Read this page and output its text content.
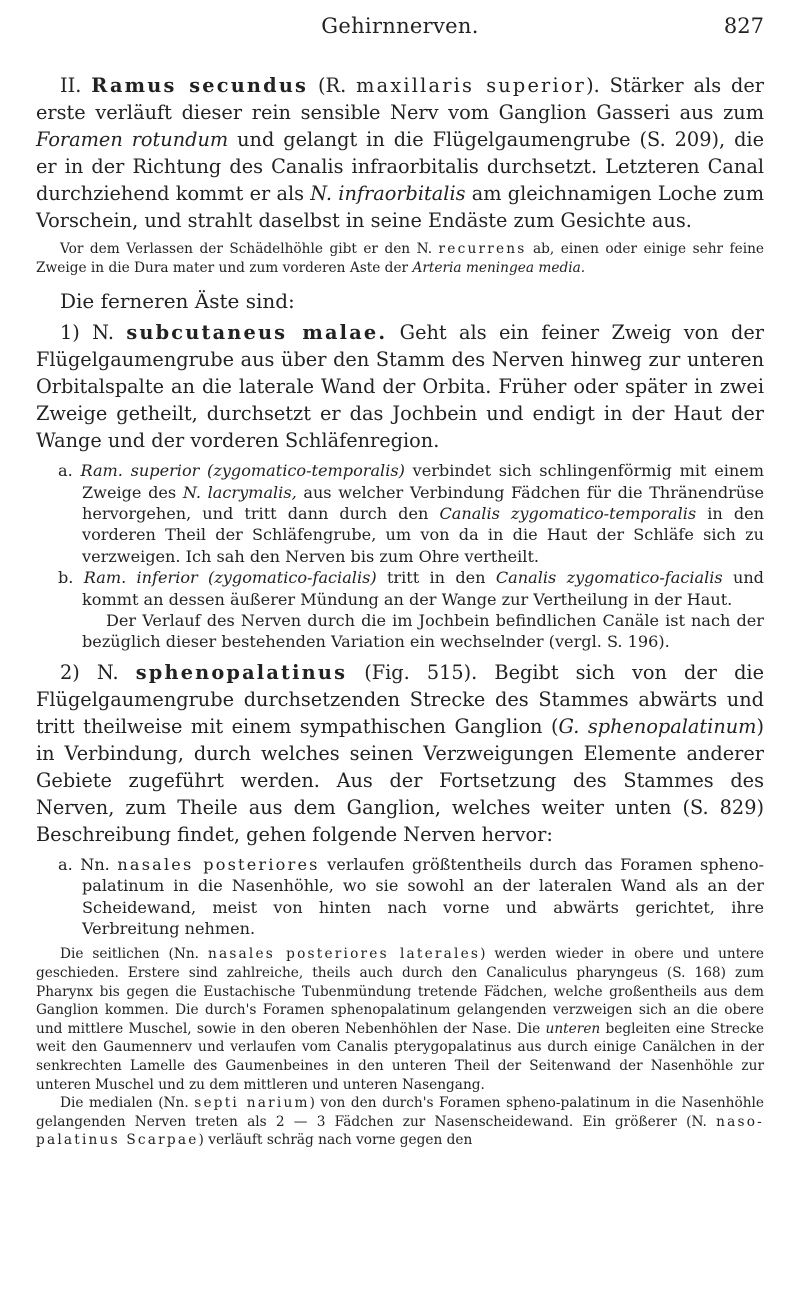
Gehirnnerven.	827

II. Ramus secundus (R. maxillaris superior). Stärker als der erste verläuft dieser rein sensible Nerv vom Ganglion Gasseri aus zum Foramen rotundum und gelangt in die Flügelgaumengrube (S. 209), die er in der Richtung des Canalis infraorbitalis durchsetzt. Letzteren Canal durchziehend kommt er als N. infraorbitalis am gleichnamigen Loche zum Vorschein, und strahlt daselbst in seine Endäste zum Gesichte aus.

Vor dem Verlassen der Schädelhöhle gibt er den N. recurrens ab, einen oder einige sehr feine Zweige in die Dura mater und zum vorderen Aste der Arteria meningea media.

Die ferneren Äste sind:

1) N. subcutaneus malae. Geht als ein feiner Zweig von der Flügelgaumengrube aus über den Stamm des Nerven hinweg zur unteren Orbitalspalte an die laterale Wand der Orbita. Früher oder später in zwei Zweige getheilt, durchsetzt er das Jochbein und endigt in der Haut der Wange und der vorderen Schläfenregion.

a. Ram. superior (zygomatico-temporalis) verbindet sich schlingenförmig mit einem Zweige des N. lacrymalis, aus welcher Verbindung Fädchen für die Thränendrüse hervorgehen, und tritt dann durch den Canalis zygomatico-temporalis in den vorderen Theil der Schläfengrube, um von da in die Haut der Schläfe sich zu verzweigen. Ich sah den Nerven bis zum Ohre vertheilt.

b. Ram. inferior (zygomatico-facialis) tritt in den Canalis zygomatico-facialis und kommt an dessen äußerer Mündung an der Wange zur Vertheilung in der Haut.

Der Verlauf des Nerven durch die im Jochbein befindlichen Canäle ist nach der bezüglich dieser bestehenden Variation ein wechselnder (vergl. S. 196).

2) N. sphenopalatinus (Fig. 515). Begibt sich von der die Flügelgaumengrube durchsetzenden Strecke des Stammes abwärts und tritt theilweise mit einem sympathischen Ganglion (G. sphenopalatinum) in Verbindung, durch welches seinen Verzweigungen Elemente anderer Gebiete zugeführt werden. Aus der Fortsetzung des Stammes des Nerven, zum Theile aus dem Ganglion, welches weiter unten (S. 829) Beschreibung findet, gehen folgende Nerven hervor:

a. Nn. nasales posteriores verlaufen größtentheils durch das Foramen spheno-palatinum in die Nasenhöhle, wo sie sowohl an der lateralen Wand als an der Scheidewand, meist von hinten nach vorne und abwärts gerichtet, ihre Verbreitung nehmen.

Die seitlichen (Nn. nasales posteriores laterales) werden wieder in obere und untere geschieden. Erstere sind zahlreiche, theils auch durch den Canaliculus pharyngeus (S. 168) zum Pharynx bis gegen die Eustachische Tubenmündung tretende Fädchen, welche großentheils aus dem Ganglion kommen. Die durch's Foramen sphenopalatinum gelangenden verzweigen sich an die obere und mittlere Muschel, sowie in den oberen Nebenhöhlen der Nase. Die unteren begleiten eine Strecke weit den Gaumennerv und verlaufen vom Canalis pterygopalatinus aus durch einige Canälchen in der senkrechten Lamelle des Gaumenbeines in den unteren Theil der Seitenwand der Nasenhöhle zur unteren Muschel und zu dem mittleren und unteren Nasengang.

Die medialen (Nn. septi narium) von den durch's Foramen spheno-palatinum in die Nasenhöhle gelangenden Nerven treten als 2 — 3 Fädchen zur Nasenscheidewand. Ein größerer (N. naso-palatinus Scarpae) verläuft schräg nach vorne gegen den
